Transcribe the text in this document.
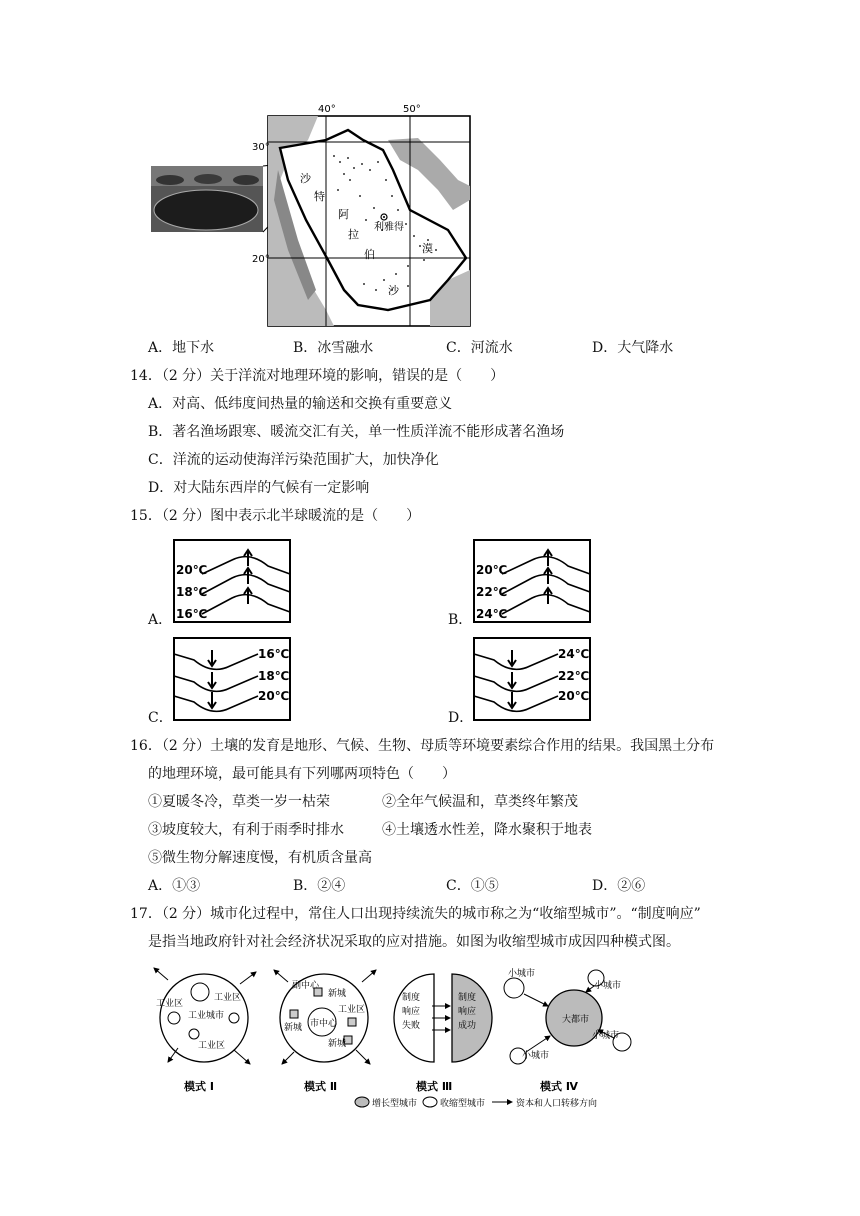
40°	50°
30°
20°
沙
特
阿
拉
伯	漠
沙
利雅得
A．地下水	B．冰雪融水	C．河流水	D．大气降水
14．（2 分）关于洋流对地理环境的影响，错误的是（　　）
A．对高、低纬度间热量的输送和交换有重要意义
B．著名渔场跟寒、暖流交汇有关，单一性质洋流不能形成著名渔场
C．洋流的运动使海洋污染范围扩大，加快净化
D．对大陆东西岸的气候有一定影响
15．（2 分）图中表示北半球暖流的是（　　）
A．
20℃
18℃
16℃	B．
20℃
22℃
24℃
C．
16℃
18℃
20℃
D．
24℃
22℃
20℃
16．（2 分）土壤的发育是地形、气候、生物、母质等环境要素综合作用的结果。我国黑土分布
的地理环境，最可能具有下列哪两项特色（　　）
①夏暖冬冷，草类一岁一枯荣	②全年气候温和，草类终年繁茂
③坡度较大，有利于雨季时排水	④土壤透水性差，降水聚积于地表
⑤微生物分解速度慢，有机质含量高
A．①③	B．②④	C．①⑤	D．②⑥
17．（2 分）城市化过程中，常住人口出现持续流失的城市称之为“收缩型城市”。“制度响应”
是指当地政府针对社会经济状况采取的应对措施。如图为收缩型城市成因四种模式图。
工业区
工业区
工业城市
工业区
模式 Ⅰ
副中心
新城
工业区
市中心
新城
新城
模式 Ⅱ
制度
响应
失败
制度
响应
成功
模式 Ⅲ
小城市
小城市
大都市
小城市
小城市
模式 Ⅳ
增长型城市	收缩型城市	资本和人口转移方向
